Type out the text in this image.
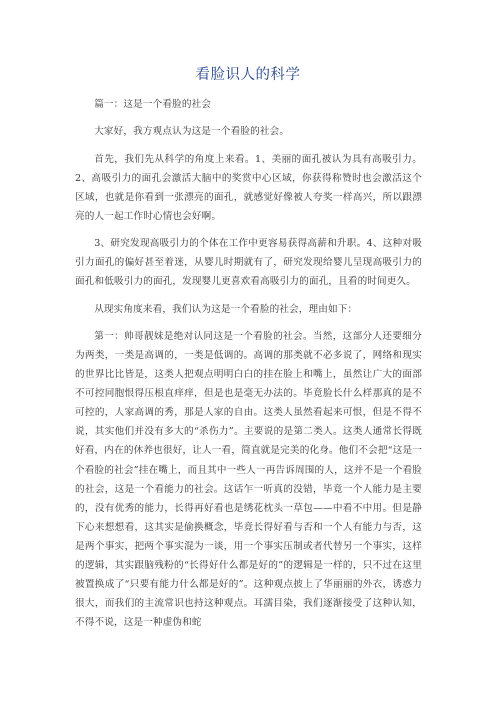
看脸识人的科学

篇一：这是一个看脸的社会

大家好，我方观点认为这是一个看脸的社会。

首先，我们先从科学的角度上来看。1、美丽的面孔被认为具有高吸引力。2、高吸引力的面孔会激活大脑中的奖赏中心区域，你获得称赞时也会激活这个区域，也就是你看到一张漂亮的面孔，就感觉好像被人夸奖一样高兴，所以跟漂亮的人一起工作时心情也会好啊。

3、研究发现高吸引力的个体在工作中更容易获得高薪和升职。4、这种对吸引力面孔的偏好甚至着迷，从婴儿时期就有了，研究发现给婴儿呈现高吸引力的面孔和低吸引力的面孔，发现婴儿更喜欢看高吸引力的面孔，且看的时间更久。

从现实角度来看，我们认为这是一个看脸的社会，理由如下：

第一：帅哥靓妹是绝对认同这是一个看脸的社会。当然，这部分人还要细分为两类，一类是高调的，一类是低调的。高调的那类就不必多说了，网络和现实的世界比比皆是，这类人把观点明明白白的挂在脸上和嘴上，虽然让广大的面部不可控同胞恨得压根直痒痒，但是也是毫无办法的。毕竟脸长什么样那真的是不可控的，人家高调的秀，那是人家的自由。这类人虽然看起来可恨，但是不得不说，其实他们并没有多大的“杀伤力”。主要说的是第二类人。这类人通常长得既好看，内在的休养也很好，让人一看，简直就是完美的化身。他们不会把“这是一个看脸的社会”挂在嘴上，而且其中一些人一再告诉周围的人，这并不是一个看脸的社会，这是一个看能力的社会。这话乍一听真的没错，毕竟一个人能力是主要的，没有优秀的能力，长得再好看也是绣花枕头一草包——中看不中用。但是静下心来想想看，这其实是偷换概念，毕竟长得好看与否和一个人有能力与否，这是两个事实，把两个事实混为一谈，用一个事实压制或者代替另一个事实，这样的逻辑，其实跟脑残粉的“长得好什么都是好的”的逻辑是一样的，只不过在这里被置换成了“只要有能力什么都是好的”。这种观点披上了华丽丽的外衣，诱惑力很大，而我们的主流常识也持这种观点。耳濡目染，我们逐渐接受了这种认知，不得不说，这是一种虚伪和蛇
